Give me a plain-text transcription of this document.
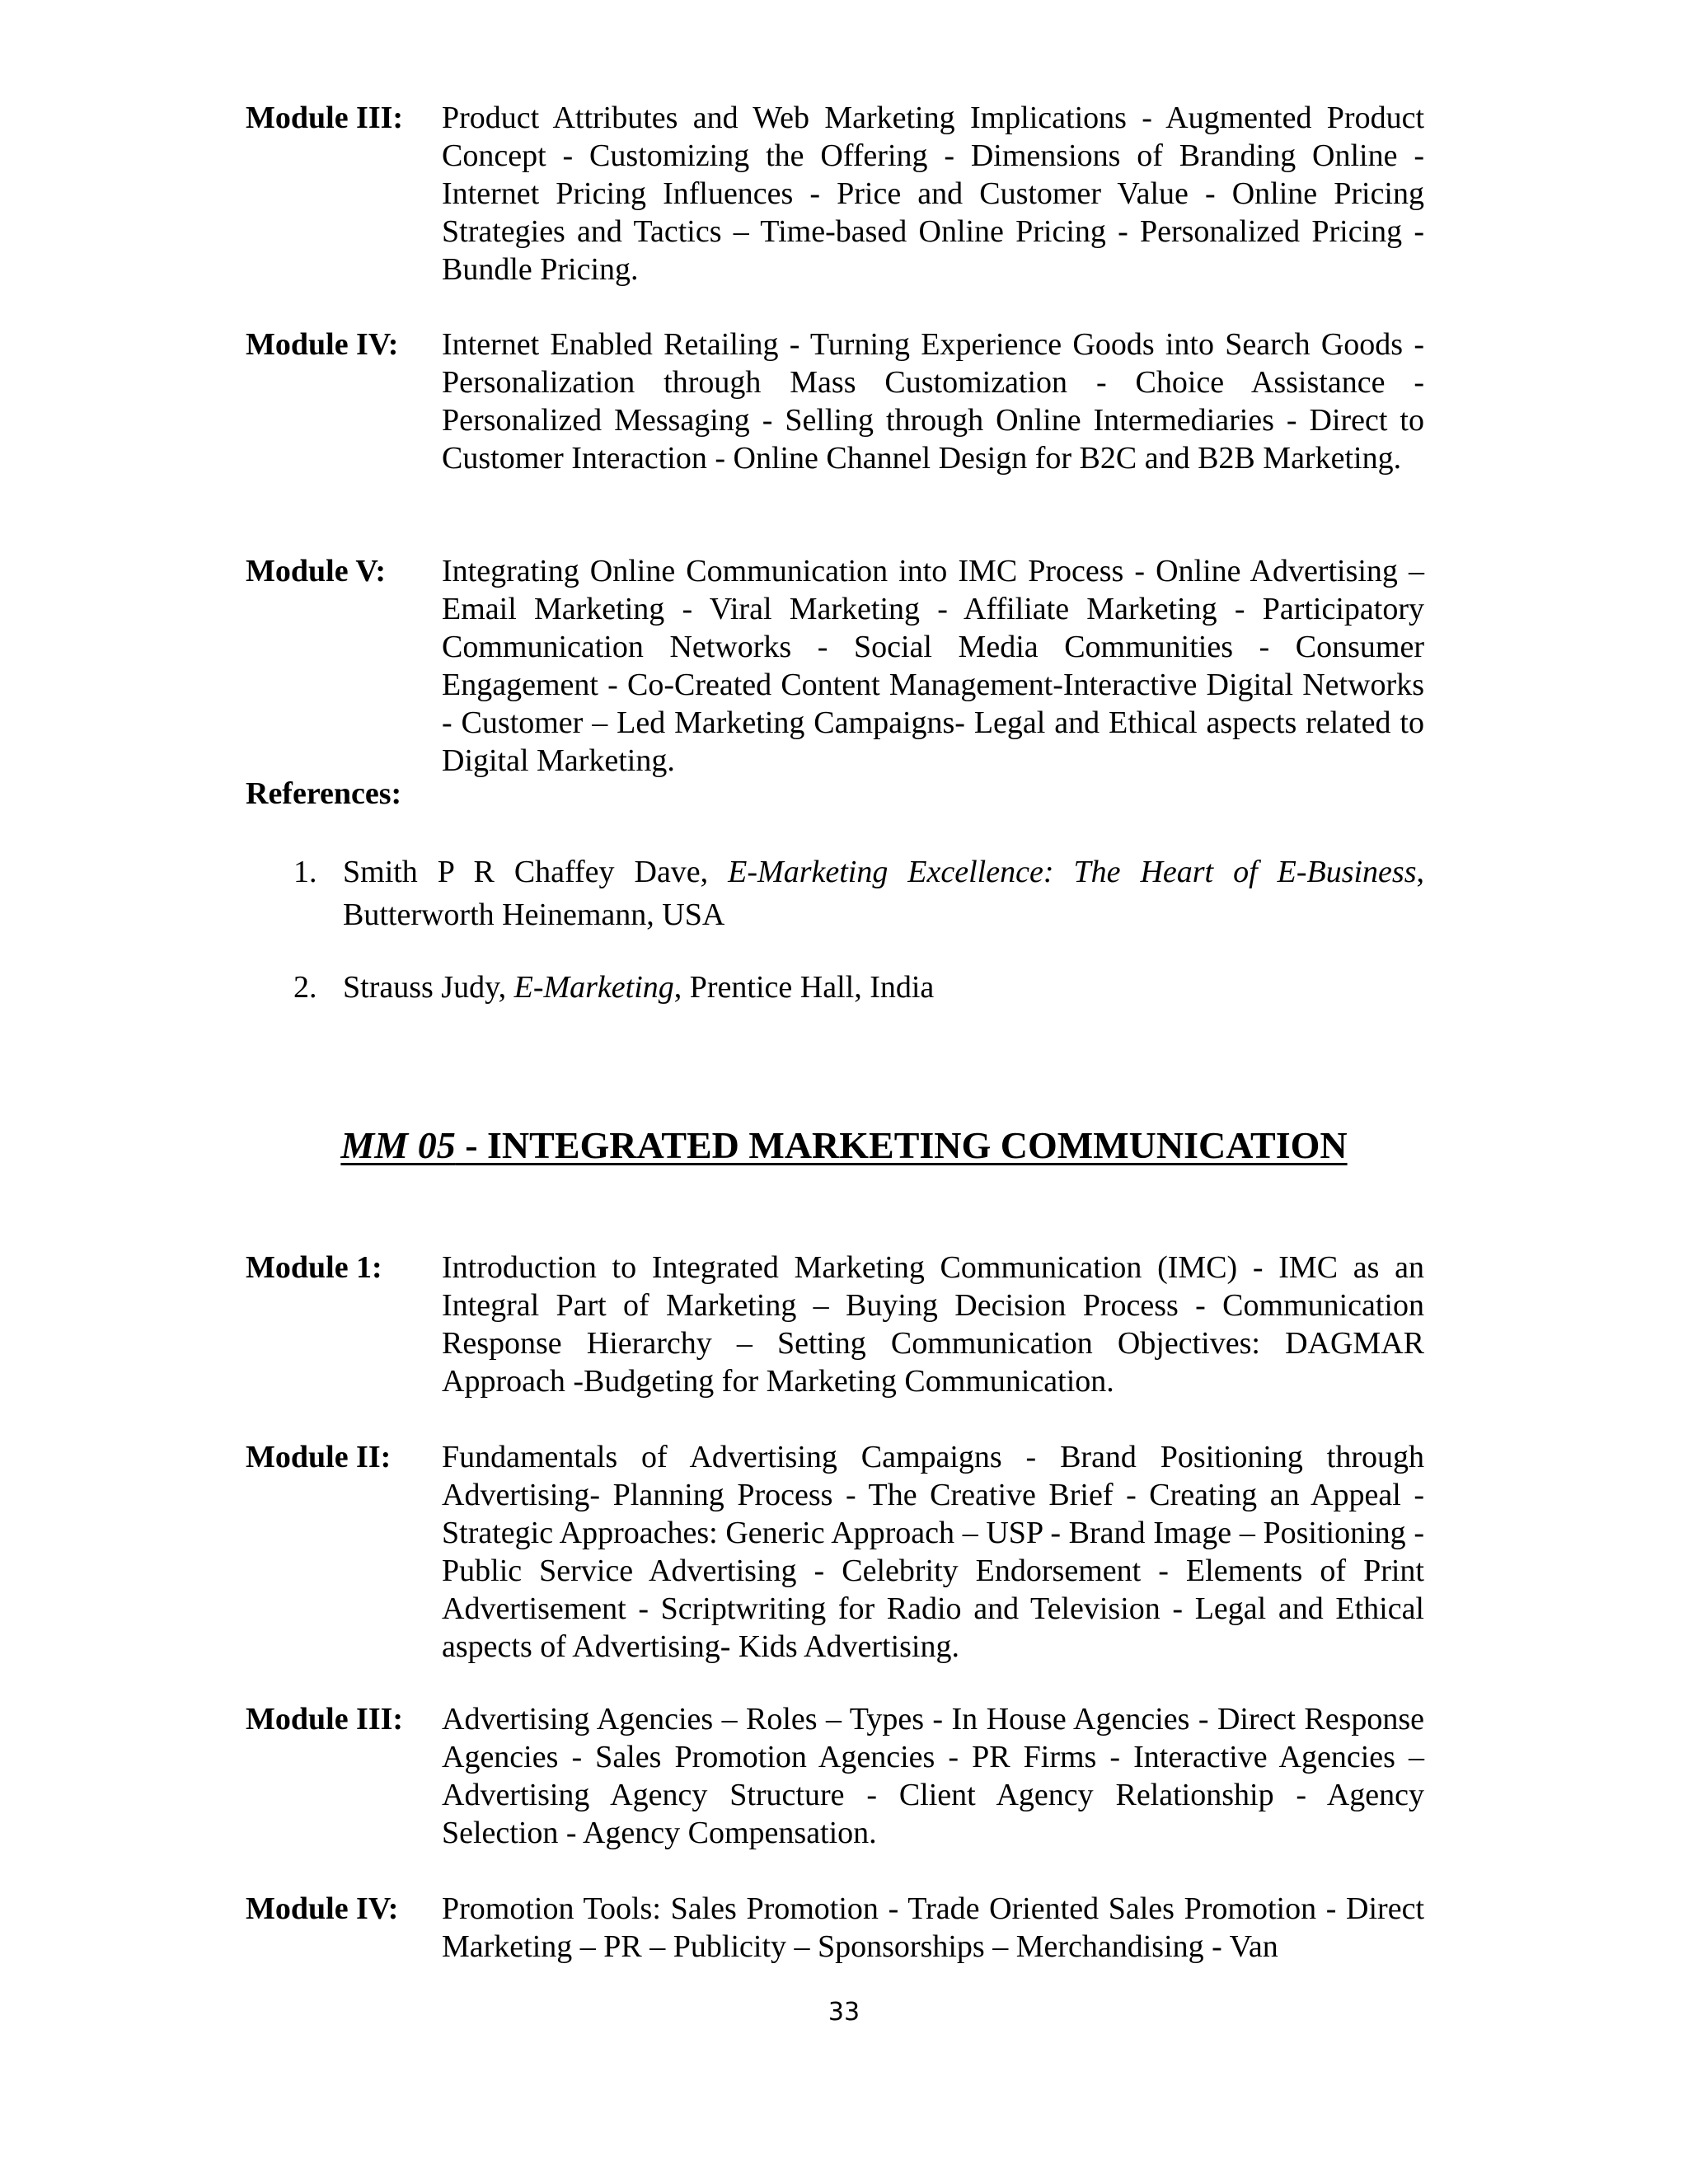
Module III:	Product Attributes and Web Marketing Implications - Augmented Product Concept - Customizing the Offering - Dimensions of Branding Online - Internet Pricing Influences - Price and Customer Value - Online Pricing Strategies and Tactics – Time-based Online Pricing - Personalized Pricing - Bundle Pricing.
Module IV:	Internet Enabled Retailing - Turning Experience Goods into Search Goods -Personalization through Mass Customization - Choice Assistance - Personalized Messaging - Selling through Online Intermediaries - Direct to Customer Interaction - Online Channel Design for B2C and B2B Marketing.
Module V:	Integrating Online Communication into IMC Process - Online Advertising – Email Marketing - Viral Marketing - Affiliate Marketing - Participatory Communication Networks - Social Media Communities - Consumer Engagement - Co-Created Content Management-Interactive Digital Networks - Customer – Led Marketing Campaigns- Legal and Ethical aspects related to Digital Marketing.
References:
1. Smith P R Chaffey Dave, E-Marketing Excellence: The Heart of E-Business, Butterworth Heinemann, USA
2. Strauss Judy, E-Marketing, Prentice Hall, India
MM 05 - INTEGRATED MARKETING COMMUNICATION
Module 1:	Introduction to Integrated Marketing Communication (IMC) - IMC as an Integral Part of Marketing – Buying Decision Process - Communication Response Hierarchy – Setting Communication Objectives: DAGMAR Approach -Budgeting for Marketing Communication.
Module II:	Fundamentals of Advertising Campaigns - Brand Positioning through Advertising- Planning Process - The Creative Brief - Creating an Appeal - Strategic Approaches: Generic Approach – USP - Brand Image – Positioning - Public Service Advertising - Celebrity Endorsement - Elements of Print Advertisement - Scriptwriting for Radio and Television - Legal and Ethical aspects of Advertising- Kids Advertising.
Module III:	Advertising Agencies – Roles – Types - In House Agencies - Direct Response Agencies - Sales Promotion Agencies - PR Firms - Interactive Agencies –Advertising Agency Structure - Client Agency Relationship - Agency Selection - Agency Compensation.
Module IV:	Promotion Tools: Sales Promotion - Trade Oriented Sales Promotion - Direct Marketing – PR – Publicity – Sponsorships – Merchandising - Van
33
